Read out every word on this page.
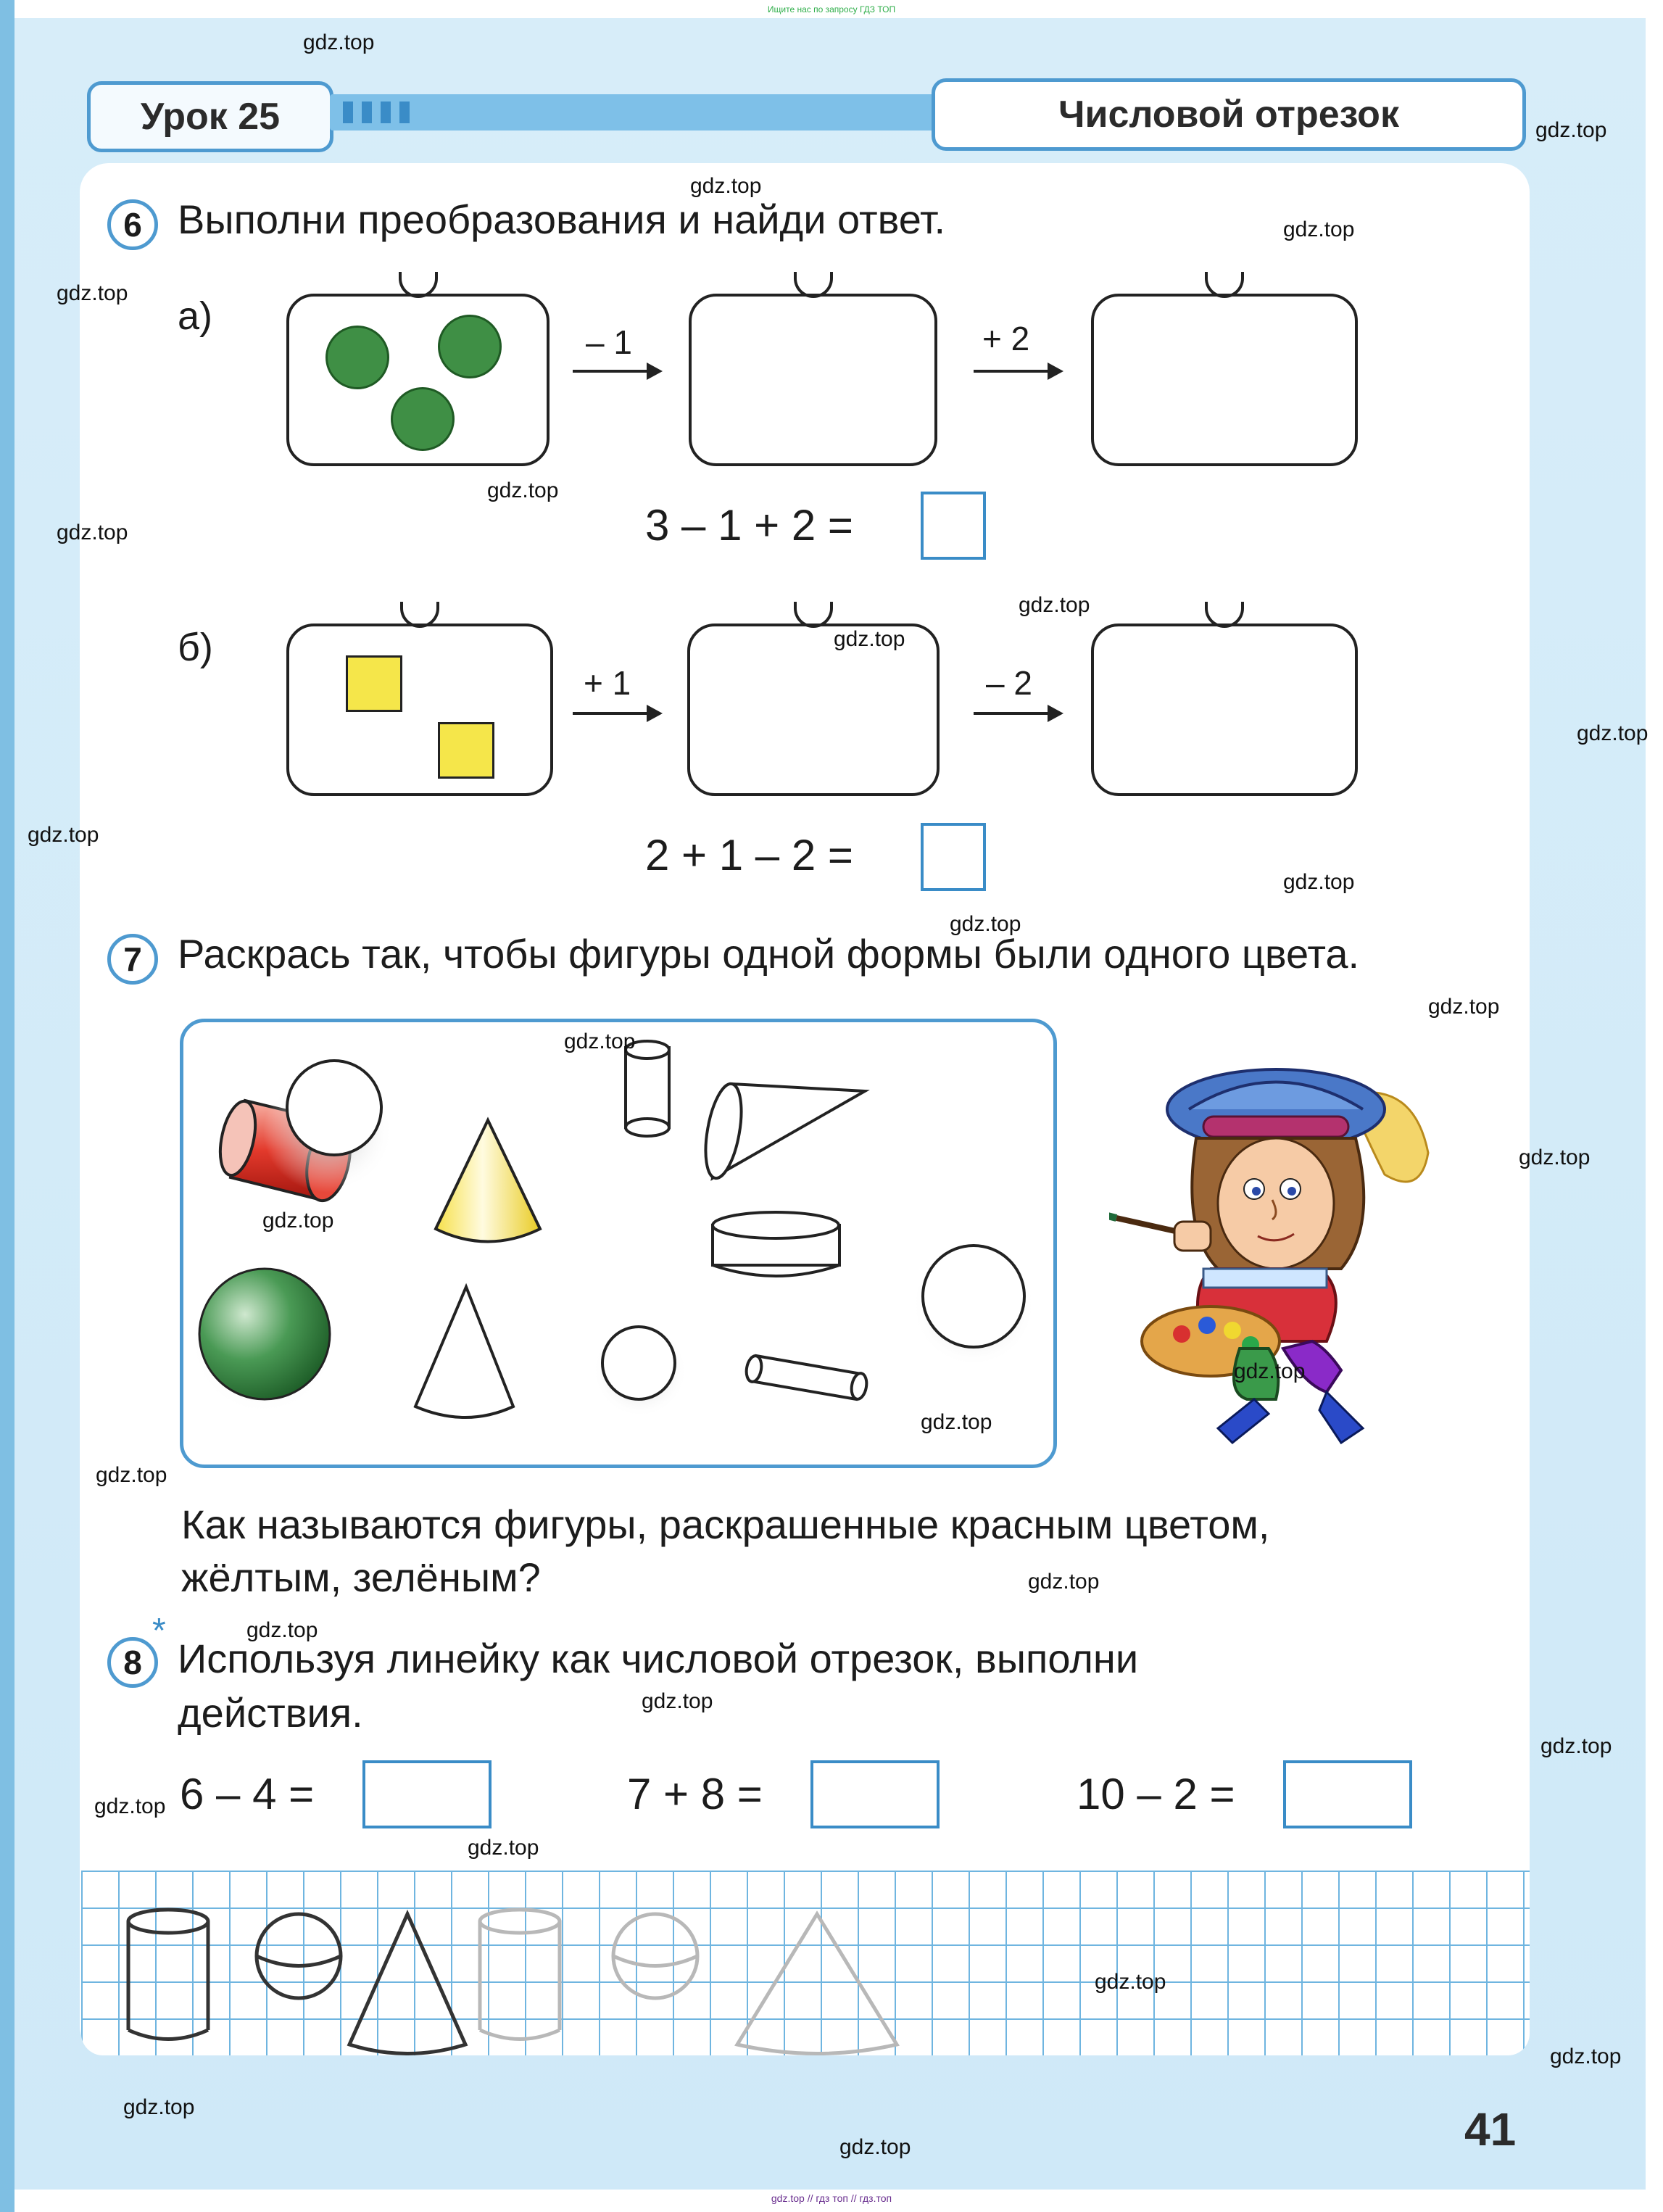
Ищите нас по запросу ГДЗ ТОП
Урок 25	Числовой отрезок
6 Выполни преобразования и найди ответ.
а)
– 1	+ 2
3 – 1 + 2 =
б)
+ 1	– 2
2 + 1 – 2 =
7 Раскрась так, чтобы фигуры одной формы были одного цвета.
Как называются фигуры, раскрашенные красным цветом,
жёлтым, зелёным?
8
*
Используя линейку как числовой отрезок, выполни
действия.
6 – 4 =	7 + 8 =	10 – 2 =
41
gdz.top
gdz.top
gdz.top
gdz.top
gdz.top
gdz.top
gdz.top
gdz.top
gdz.top
gdz.top
gdz.top
gdz.top
gdz.top
gdz.top
gdz.top
gdz.top
gdz.top
gdz.top
gdz.top
gdz.top
gdz.top
gdz.top
gdz.top
gdz.top
gdz.top
gdz.top
gdz.top
gdz.top
gdz.top
gdz.top
gdz.top // гдз топ // гдз.топ
